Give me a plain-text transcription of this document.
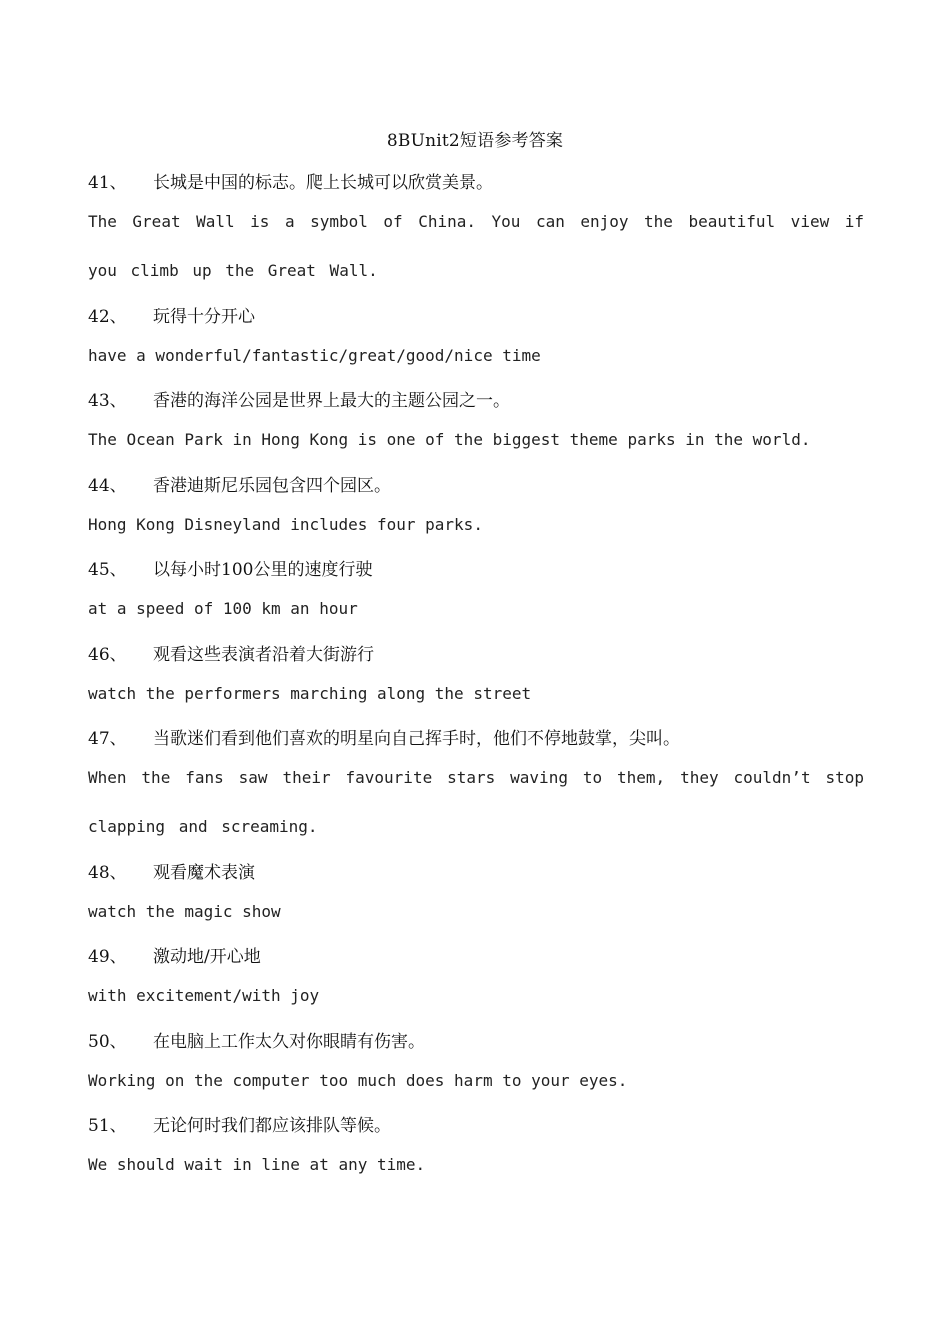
8BUnit2短语参考答案
41、 长城是中国的标志。爬上长城可以欣赏美景。
The Great Wall is a symbol of China. You can enjoy the beautiful view if you climb up the Great Wall.
42、 玩得十分开心
have a wonderful/fantastic/great/good/nice time
43、 香港的海洋公园是世界上最大的主题公园之一。
The Ocean Park in Hong Kong is one of the biggest theme parks in the world.
44、 香港迪斯尼乐园包含四个园区。
Hong Kong Disneyland includes four parks.
45、 以每小时100公里的速度行驶
at a speed of 100 km an hour
46、 观看这些表演者沿着大街游行
watch the performers marching along the street
47、 当歌迷们看到他们喜欢的明星向自己挥手时，他们不停地鼓掌，尖叫。
When the fans saw their favourite stars waving to them, they couldn’t stop clapping and screaming.
48、 观看魔术表演
watch the magic show
49、 激动地/开心地
with excitement/with joy
50、 在电脑上工作太久对你眼睛有伤害。
Working on the computer too much does harm to your eyes.
51、 无论何时我们都应该排队等候。
We should wait in line at any time.
